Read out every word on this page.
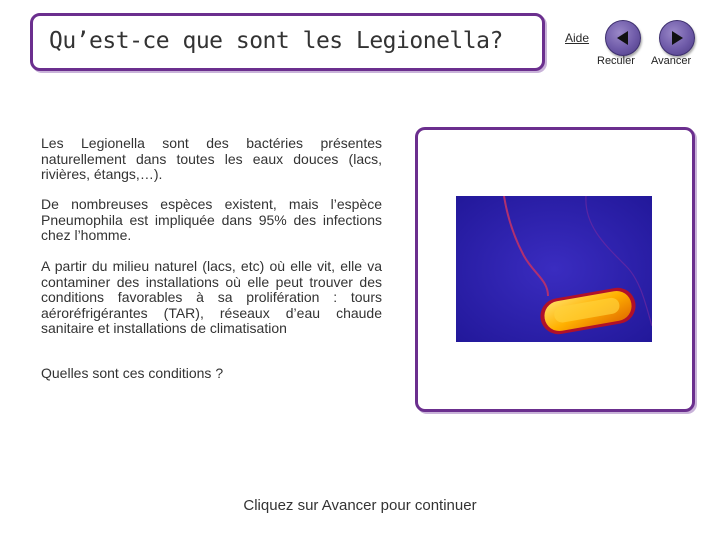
Qu’est-ce que sont les Legionella?	Aide
Reculer Avancer
Les Legionella sont des bactéries présentes naturellement dans toutes les eaux douces (lacs, rivières, étangs,…).
De nombreuses espèces existent, mais l’espèce Pneumophila est impliquée dans 95% des infections chez l’homme.
A partir du milieu naturel (lacs, etc) où elle vit, elle va contaminer des installations où elle peut trouver des conditions favorables à sa prolifération : tours aéroréfrigérantes (TAR), réseaux d’eau chaude sanitaire et installations de climatisation
Quelles sont ces conditions ?
Cliquez sur Avancer pour continuer
